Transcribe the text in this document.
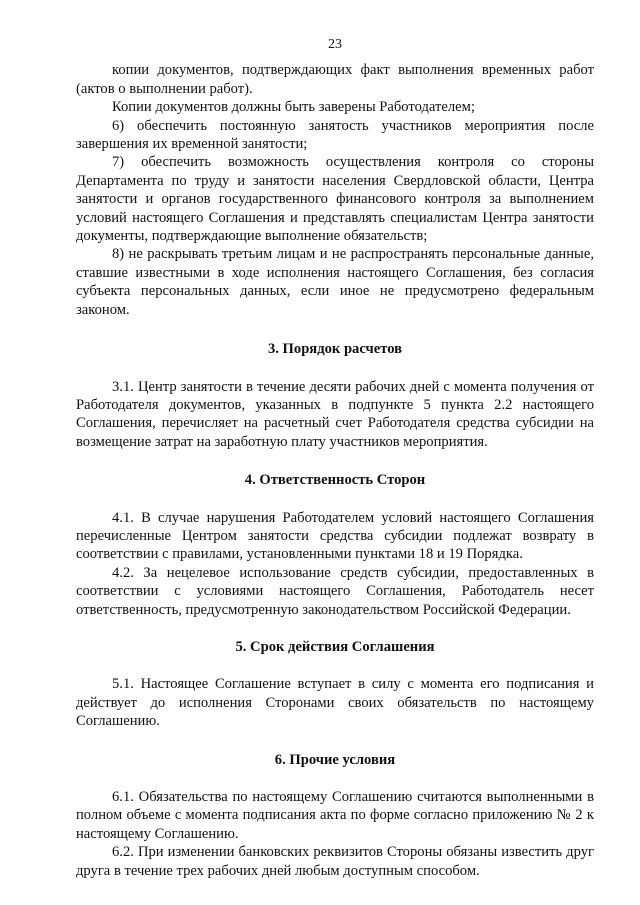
23

копии документов, подтверждающих факт выполнения временных работ (актов о выполнении работ).

Копии документов должны быть заверены Работодателем;

6) обеспечить постоянную занятость участников мероприятия после завершения их временной занятости;

7) обеспечить возможность осуществления контроля со стороны Департамента по труду и занятости населения Свердловской области, Центра занятости и органов государственного финансового контроля за выполнением условий настоящего Соглашения и представлять специалистам Центра занятости документы, подтверждающие выполнение обязательств;

8) не раскрывать третьим лицам и не распространять персональные данные, ставшие известными в ходе исполнения настоящего Соглашения, без согласия субъекта персональных данных, если иное не предусмотрено федеральным законом.

3. Порядок расчетов

3.1. Центр занятости в течение десяти рабочих дней с момента получения от Работодателя документов, указанных в подпункте 5 пункта 2.2 настоящего Соглашения, перечисляет на расчетный счет Работодателя средства субсидии на возмещение затрат на заработную плату участников мероприятия.

4. Ответственность Сторон

4.1. В случае нарушения Работодателем условий настоящего Соглашения перечисленные Центром занятости средства субсидии подлежат возврату в соответствии с правилами, установленными пунктами 18 и 19 Порядка.

4.2. За нецелевое использование средств субсидии, предоставленных в соответствии с условиями настоящего Соглашения, Работодатель несет ответственность, предусмотренную законодательством Российской Федерации.

5. Срок действия Соглашения

5.1. Настоящее Соглашение вступает в силу с момента его подписания и действует до исполнения Сторонами своих обязательств по настоящему Соглашению.

6. Прочие условия

6.1. Обязательства по настоящему Соглашению считаются выполненными в полном объеме с момента подписания акта по форме согласно приложению № 2 к настоящему Соглашению.

6.2. При изменении банковских реквизитов Стороны обязаны известить друг друга в течение трех рабочих дней любым доступным способом.
